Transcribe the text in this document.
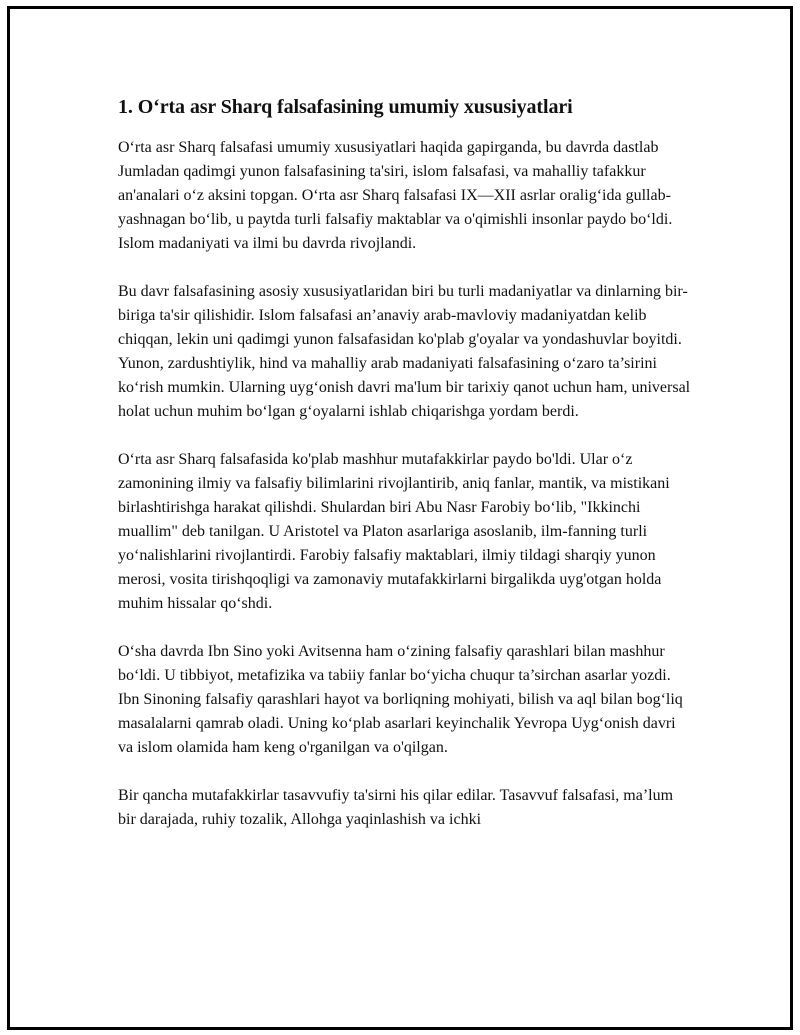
1. O‘rta asr Sharq falsafasining umumiy xususiyatlari

O‘rta asr Sharq falsafasi umumiy xususiyatlari haqida gapirganda, bu davrda dastlab Jumladan qadimgi yunon falsafasining ta'siri, islom falsafasi, va mahalliy tafakkur an'analari o‘z aksini topgan. O‘rta asr Sharq falsafasi IX—XII asrlar oralig‘ida gullab-yashnagan bo‘lib, u paytda turli falsafiy maktablar va o'qimishli insonlar paydo bo‘ldi. Islom madaniyati va ilmi bu davrda rivojlandi.

Bu davr falsafasining asosiy xususiyatlaridan biri bu turli madaniyatlar va dinlarning bir-biriga ta'sir qilishidir. Islom falsafasi an’anaviy arab-mavloviy madaniyatdan kelib chiqqan, lekin uni qadimgi yunon falsafasidan ko'plab g'oyalar va yondashuvlar boyitdi. Yunon, zardushtiylik, hind va mahalliy arab madaniyati falsafasining o‘zaro ta’sirini ko‘rish mumkin. Ularning uyg‘onish davri ma'lum bir tarixiy qanot uchun ham, universal holat uchun muhim bo‘lgan g‘oyalarni ishlab chiqarishga yordam berdi.

O‘rta asr Sharq falsafasida ko'plab mashhur mutafakkirlar paydo bo'ldi. Ular o‘z zamonining ilmiy va falsafiy bilimlarini rivojlantirib, aniq fanlar, mantik, va mistikani birlashtirishga harakat qilishdi. Shulardan biri Abu Nasr Farobiy bo‘lib, "Ikkinchi muallim" deb tanilgan. U Aristotel va Platon asarlariga asoslanib, ilm-fanning turli yo‘nalishlarini rivojlantirdi. Farobiy falsafiy maktablari, ilmiy tildagi sharqiy yunon merosi, vosita tirishqoqligi va zamonaviy mutafakkirlarni birgalikda uyg'otgan holda muhim hissalar qo‘shdi.

O‘sha davrda Ibn Sino yoki Avitsenna ham o‘zining falsafiy qarashlari bilan mashhur bo‘ldi. U tibbiyot, metafizika va tabiiy fanlar bo‘yicha chuqur ta’sirchan asarlar yozdi. Ibn Sinoning falsafiy qarashlari hayot va borliqning mohiyati, bilish va aql bilan bog‘liq masalalarni qamrab oladi. Uning ko‘plab asarlari keyinchalik Yevropa Uyg‘onish davri va islom olamida ham keng o'rganilgan va o'qilgan.

Bir qancha mutafakkirlar tasavvufiy ta'sirni his qilar edilar. Tasavvuf falsafasi, ma’lum bir darajada, ruhiy tozalik, Allohga yaqinlashish va ichki
